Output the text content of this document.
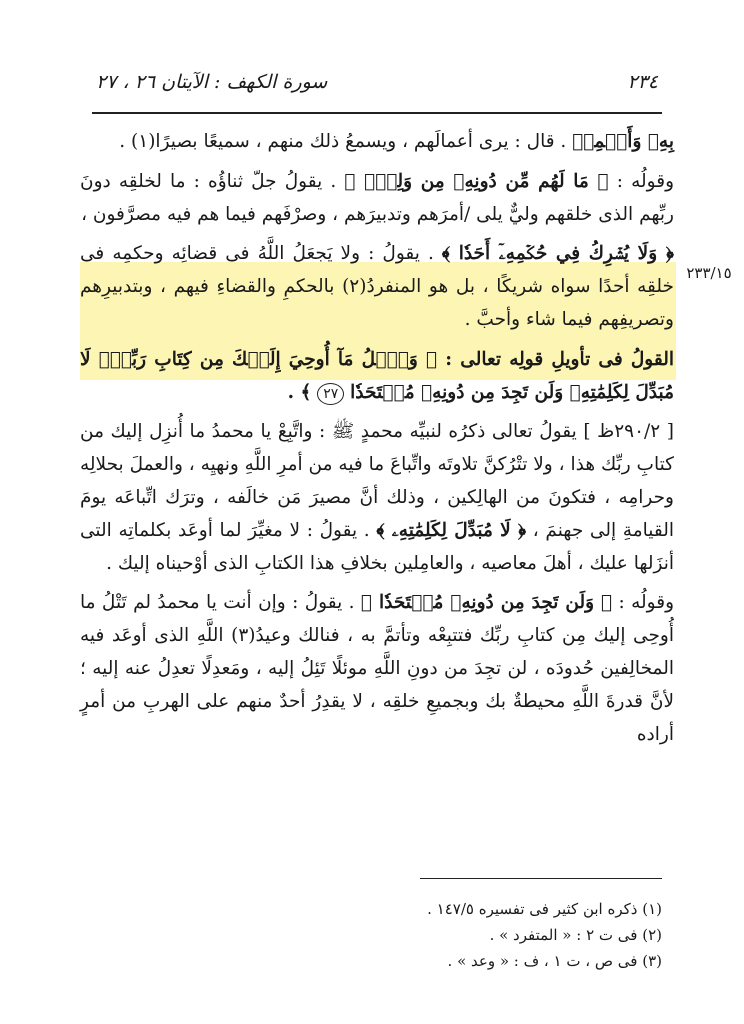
٢٣٤
سورة الكهف : الآيتان ٢٦ ، ٢٧
٢٣٣/١٥

بِهِۦ وَأَسۡمِعۡ . قال : يرى أعمالَهم ، ويسمعُ ذلك منهم ، سميعًا بصيرًا(١) .

وقولُه : ﴿ مَا لَهُم مِّن دُونِهِۦ مِن وَلِيّٖ ﴾ . يقولُ جلّ ثناؤُه : ما لخلقِه دونَ ربِّهم الذى خلقهم وليٌّ يلى /أمرَهم وتدبيرَهم ، وصرْفَهم فيما هم فيه مصرَّفون ،

﴿ وَلَا يُشۡرِكُ فِي حُكۡمِهِۦٓ أَحَدٗا ﴾ . يقولُ : ولا يَجعَلُ اللَّهُ فى قضائِه وحكمِه فى خلقِه أحدًا سواه شريكًا ، بل هو المنفردُ(٢) بالحكمِ والقضاءِ فيهم ، وبتدبيرِهم وتصريفِهم فيما شاء وأحبَّ .

القولُ فى تأويلِ قولِه تعالى : ﴿ وَٱتۡلُ مَآ أُوحِيَ إِلَيۡكَ مِن كِتَابِ رَبِّكَۖ لَا مُبَدِّلَ لِكَلِمَٰتِهِۦ وَلَن تَجِدَ مِن دُونِهِۦ مُلۡتَحَدٗا ٢٧ ﴾ .

[ ٢٩٠/٢ظ ] يقولُ تعالى ذكرُه لنبيِّه محمدٍ ﷺ : واتَّبِعْ يا محمدُ ما أُنزِل إليك من كتابِ ربِّك هذا ، ولا تتْرُكنَّ تلاوتَه واتِّباعَ ما فيه من أمرِ اللَّهِ ونهيِه ، والعملَ بحلالِه وحرامِه ، فتكونَ من الهالِكين ، وذلك أنَّ مصيرَ مَن خالَفه ، وترَك اتِّباعَه يومَ القيامةِ إلى جهنمَ ، ﴿ لَا مُبَدِّلَ لِكَلِمَٰتِهِۦ ﴾ . يقولُ : لا مغيِّرَ لما أوعَد بكلماتِه التى أنزَلها عليك ، أهلَ معاصيه ، والعامِلين بخلافِ هذا الكتابِ الذى أوْحيناه إليك .

وقولُه : ﴿ وَلَن تَجِدَ مِن دُونِهِۦ مُلۡتَحَدٗا ﴾ . يقولُ : وإن أنت يا محمدُ لم تَتْلُ ما أُوحِى إليك مِن كتابِ ربِّك فتتبِعْه وتأتمَّ به ، فنالك وعيدُ(٣) اللَّهِ الذى أوعَد فيه المخالِفين حُدودَه ، لن تجِدَ من دونِ اللَّهِ موئلًا تَئِلُ إليه ، ومَعدِلًا تعدِلُ عنه إليه ؛ لأنَّ قدرةَ اللَّهِ محيطةٌ بك وبجميعِ خلقِه ، لا يقدِرُ أحدٌ منهم على الهربِ من أمرٍ أراده

(١) ذكره ابن كثير فى تفسيره ١٤٧/٥ .
(٢) فى ت ٢ : « المتفرد » .
(٣) فى ص ، ت ١ ، ف : « وعد » .
